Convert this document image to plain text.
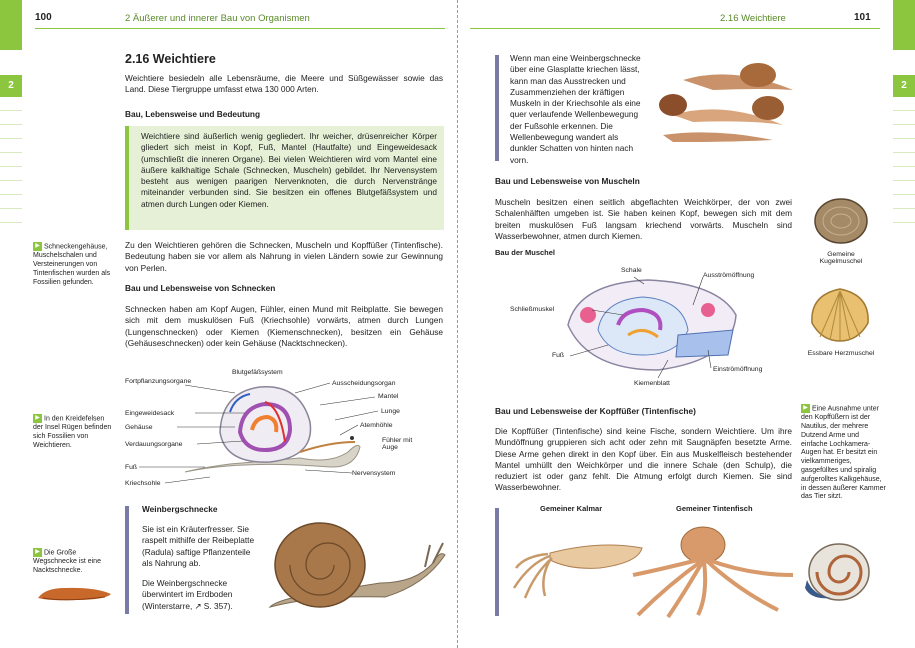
2
100	2 Äußerer und innerer Bau von Organismen
2.16 Weichtiere
Weichtiere besiedeln alle Lebensräume, die Meere und Süßgewässer sowie das Land. Diese Tiergruppe umfasst etwa 130 000 Arten.
Bau, Lebensweise und Bedeutung
Weichtiere sind äußerlich wenig gegliedert. Ihr weicher, drüsenreicher Körper gliedert sich meist in Kopf, Fuß, Mantel (Hautfalte) und Eingeweidesack (umschließt die inneren Organe). Bei vielen Weichtieren wird vom Mantel eine äußere kalkhaltige Schale (Schnecken, Muscheln) gebildet. Ihr Nervensystem besteht aus wenigen paarigen Nervenknoten, die durch Nervenstränge miteinander verbunden sind. Sie besitzen ein offenes Blutgefäßsystem und atmen durch Lungen oder Kiemen.
Zu den Weichtieren gehören die Schnecken, Muscheln und Kopffüßer (Tintenfische). Bedeutung haben sie vor allem als Nahrung in vielen Ländern sowie zur Gewinnung von Perlen.
Bau und Lebensweise von Schnecken
Schnecken haben am Kopf Augen, Fühler, einen Mund mit Reibplatte. Sie bewegen sich mit dem muskulösen Fuß (Kriechsohle) vorwärts, atmen durch Lungen (Lungenschnecken) oder Kiemen (Kiemenschnecken), besitzen ein Gehäuse (Gehäuseschnecken) oder kein Gehäuse (Nacktschnecken).
▶ Schneckengehäuse, Muschelschalen und Versteinerungen von Tintenfischen wurden als Fossilien gefunden.
▶ In den Kreidefelsen der Insel Rügen befinden sich Fossilien von Weichtieren.
▶ Die Große Wegschnecke ist eine Nacktschnecke.
Blutgefäßsystem
Fortpflanzungsorgane	Ausscheidungsorgan
Mantel
Eingeweidesack	Lunge
Gehäuse	Atemhöhle
Verdauungsorgane
Fühler mit Auge
Fuß
Kriechsohle
Nervensystem
Weinbergschnecke
Sie ist ein Kräuterfresser. Sie raspelt mithilfe der Reibeplatte (Radula) saftige Pflanzenteile als Nahrung ab.
Die Weinbergschnecke überwintert im Erdboden (Winterstarre, ↗ S. 357).
2
2.16 Weichtiere	101
Wenn man eine Weinbergschnecke über eine Glasplatte kriechen lässt, kann man das Ausstrecken und Zusammenziehen der kräftigen Muskeln in der Kriechsohle als eine quer verlaufende Wellenbewegung der Fußsohle erkennen. Die Wellenbewegung wandert als dunkler Schatten von hinten nach vorn.
Bau und Lebensweise von Muscheln
Muscheln besitzen einen seitlich abgeflachten Weichkörper, der von zwei Schalenhälften umgeben ist. Sie haben keinen Kopf, bewegen sich mit dem breiten muskulösen Fuß langsam kriechend vorwärts. Muscheln sind Wasserbewohner, atmen durch Kiemen.
Bau der Muschel
Schale
Ausströmöffnung
Schließmuskel
Fuß
Einströmöffnung
Kiemenblatt
Gemeine Kugelmuschel
Essbare Herzmuschel
Bau und Lebensweise der Kopffüßer (Tintenfische)
Die Kopffüßer (Tintenfische) sind keine Fische, sondern Weichtiere. Um ihre Mundöffnung gruppieren sich acht oder zehn mit Saugnäpfen besetzte Arme. Diese Arme gehen direkt in den Kopf über. Ein aus Muskelfleisch bestehender Mantel umhüllt den Weichkörper und die innere Schale (den Schulp), die reduziert ist oder ganz fehlt. Die Atmung erfolgt durch Kiemen. Sie sind Wasserbewohner.
▶ Eine Ausnahme unter den Kopffüßern ist der Nautilus, der mehrere Dutzend Arme und einfache Lochkamera-Augen hat. Er besitzt ein vielkammeriges, gasgefülltes und spiralig aufgerolltes Kalkgehäuse, in dessen äußerer Kammer das Tier sitzt.
Gemeiner Kalmar	Gemeiner Tintenfisch
